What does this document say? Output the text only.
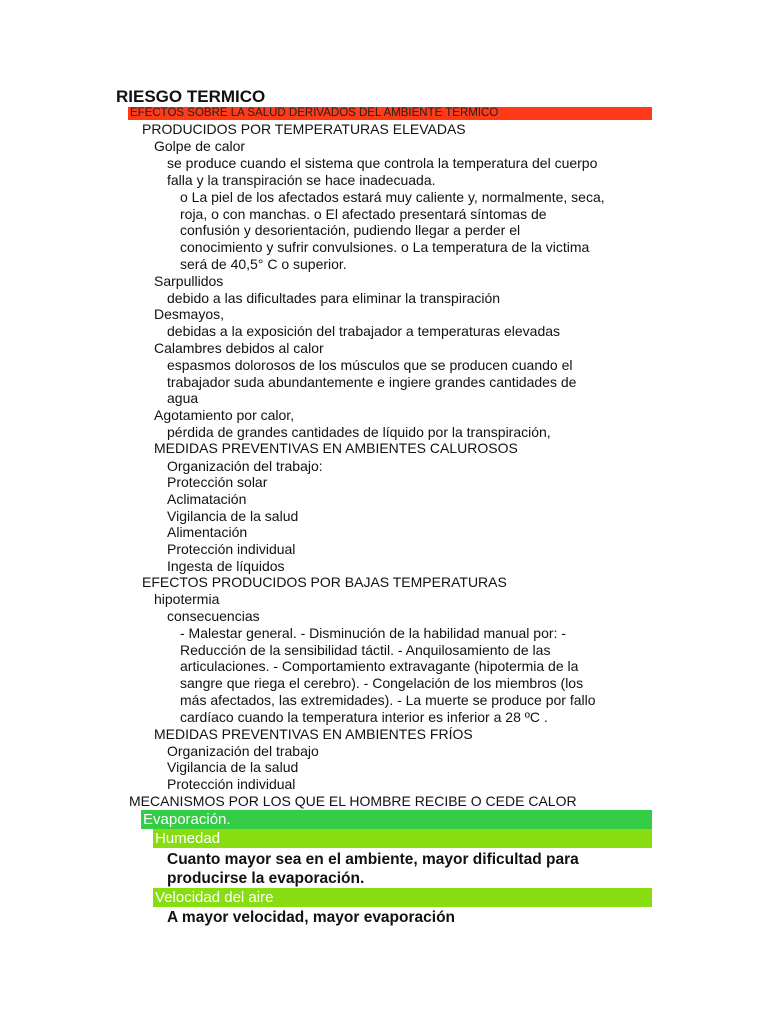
RIESGO TERMICO
EFECTOS SOBRE LA SALUD DERIVADOS DEL AMBIENTE TÉRMICO
PRODUCIDOS POR TEMPERATURAS ELEVADAS
Golpe de calor
se produce cuando el sistema que controla la temperatura del cuerpo
falla y la transpiración se hace inadecuada.
o La piel de los afectados estará muy caliente y, normalmente, seca,
roja, o con manchas. o El afectado presentará síntomas de
confusión y desorientación, pudiendo llegar a perder el
conocimiento y sufrir convulsiones. o La temperatura de la victima
será de 40,5° C o superior.
Sarpullidos
debido a las dificultades para eliminar la transpiración
Desmayos,
debidas a la exposición del trabajador a temperaturas elevadas
Calambres debidos al calor
espasmos dolorosos de los músculos que se producen cuando el
trabajador suda abundantemente e ingiere grandes cantidades de
agua
Agotamiento por calor,
pérdida de grandes cantidades de líquido por la transpiración,
MEDIDAS PREVENTIVAS EN AMBIENTES CALUROSOS
Organización del trabajo:
Protección solar
Aclimatación
Vigilancia de la salud
Alimentación
Protección individual
Ingesta de líquidos
EFECTOS PRODUCIDOS POR BAJAS TEMPERATURAS
hipotermia
consecuencias
- Malestar general. - Disminución de la habilidad manual por: -
Reducción de la sensibilidad táctil. - Anquilosamiento de las
articulaciones. - Comportamiento extravagante (hipotermia de la
sangre que riega el cerebro). - Congelación de los miembros (los
más afectados, las extremidades). - La muerte se produce por fallo
cardíaco cuando la temperatura interior es inferior a 28 ºC .
MEDIDAS PREVENTIVAS EN AMBIENTES FRÍOS
Organización del trabajo
Vigilancia de la salud
Protección individual
MECANISMOS POR LOS QUE EL HOMBRE RECIBE O CEDE CALOR
Evaporación.
Humedad
Cuanto mayor sea en el ambiente, mayor dificultad para
producirse la evaporación.
Velocidad del aire
A mayor velocidad, mayor evaporación
